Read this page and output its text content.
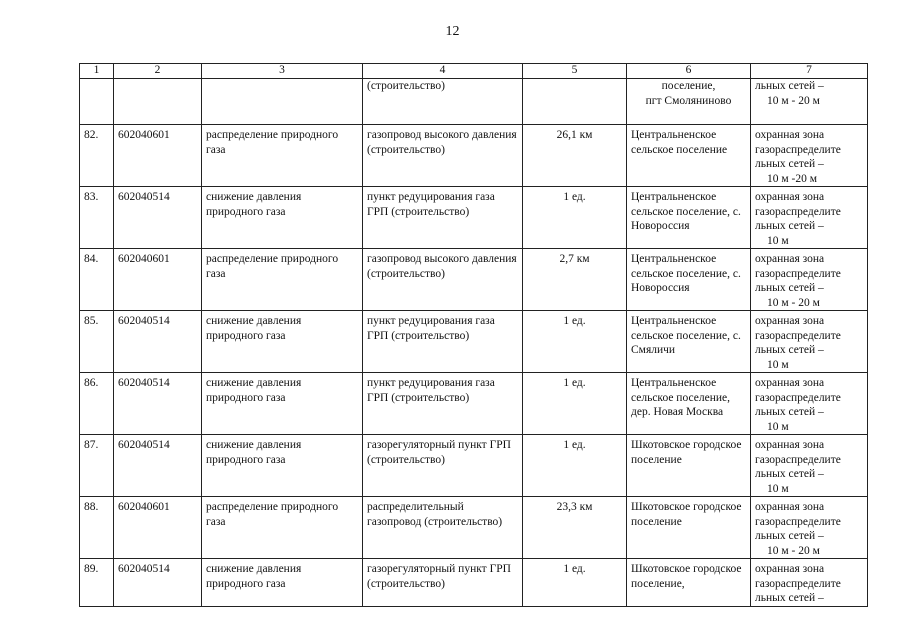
12
1	2	3	4	5	6	7
			(строительство)		поселение,
пгт Смоляниново	льных сетей –
10 м - 20 м

82.	602040601	распределение природного газа	газопровод высокого давления (строительство)	26,1 км	Центральненское сельское поселение	охранная зона
газораспределите
льных сетей –
10 м -20 м

83.	602040514	снижение давления природного газа	пункт редуцирования газа ГРП (строительство)	1 ед.	Центральненское сельское поселение, с. Новороссия	охранная зона
газораспределите
льных сетей –
10 м

84.	602040601	распределение природного газа	газопровод высокого давления (строительство)	2,7 км	Центральненское сельское поселение, с. Новороссия	охранная зона
газораспределите
льных сетей –
10 м - 20 м

85.	602040514	снижение давления природного газа	пункт редуцирования газа ГРП (строительство)	1 ед.	Центральненское сельское поселение, с. Смяличи	охранная зона
газораспределите
льных сетей –
10 м

86.	602040514	снижение давления природного газа	пункт редуцирования газа ГРП (строительство)	1 ед.	Центральненское сельское поселение, дер. Новая Москва	охранная зона
газораспределите
льных сетей –
10 м

87.	602040514	снижение давления природного газа	газорегуляторный пункт ГРП (строительство)	1 ед.	Шкотовское городское поселение	охранная зона
газораспределите
льных сетей –
10 м

88.	602040601	распределение природного газа	распределительный газопровод (строительство)	23,3 км	Шкотовское городское поселение	охранная зона
газораспределите
льных сетей –
10 м - 20 м

89.	602040514	снижение давления природного газа	газорегуляторный пункт ГРП (строительство)	1 ед.	Шкотовское городское поселение,	охранная зона
газораспределите
льных сетей –
